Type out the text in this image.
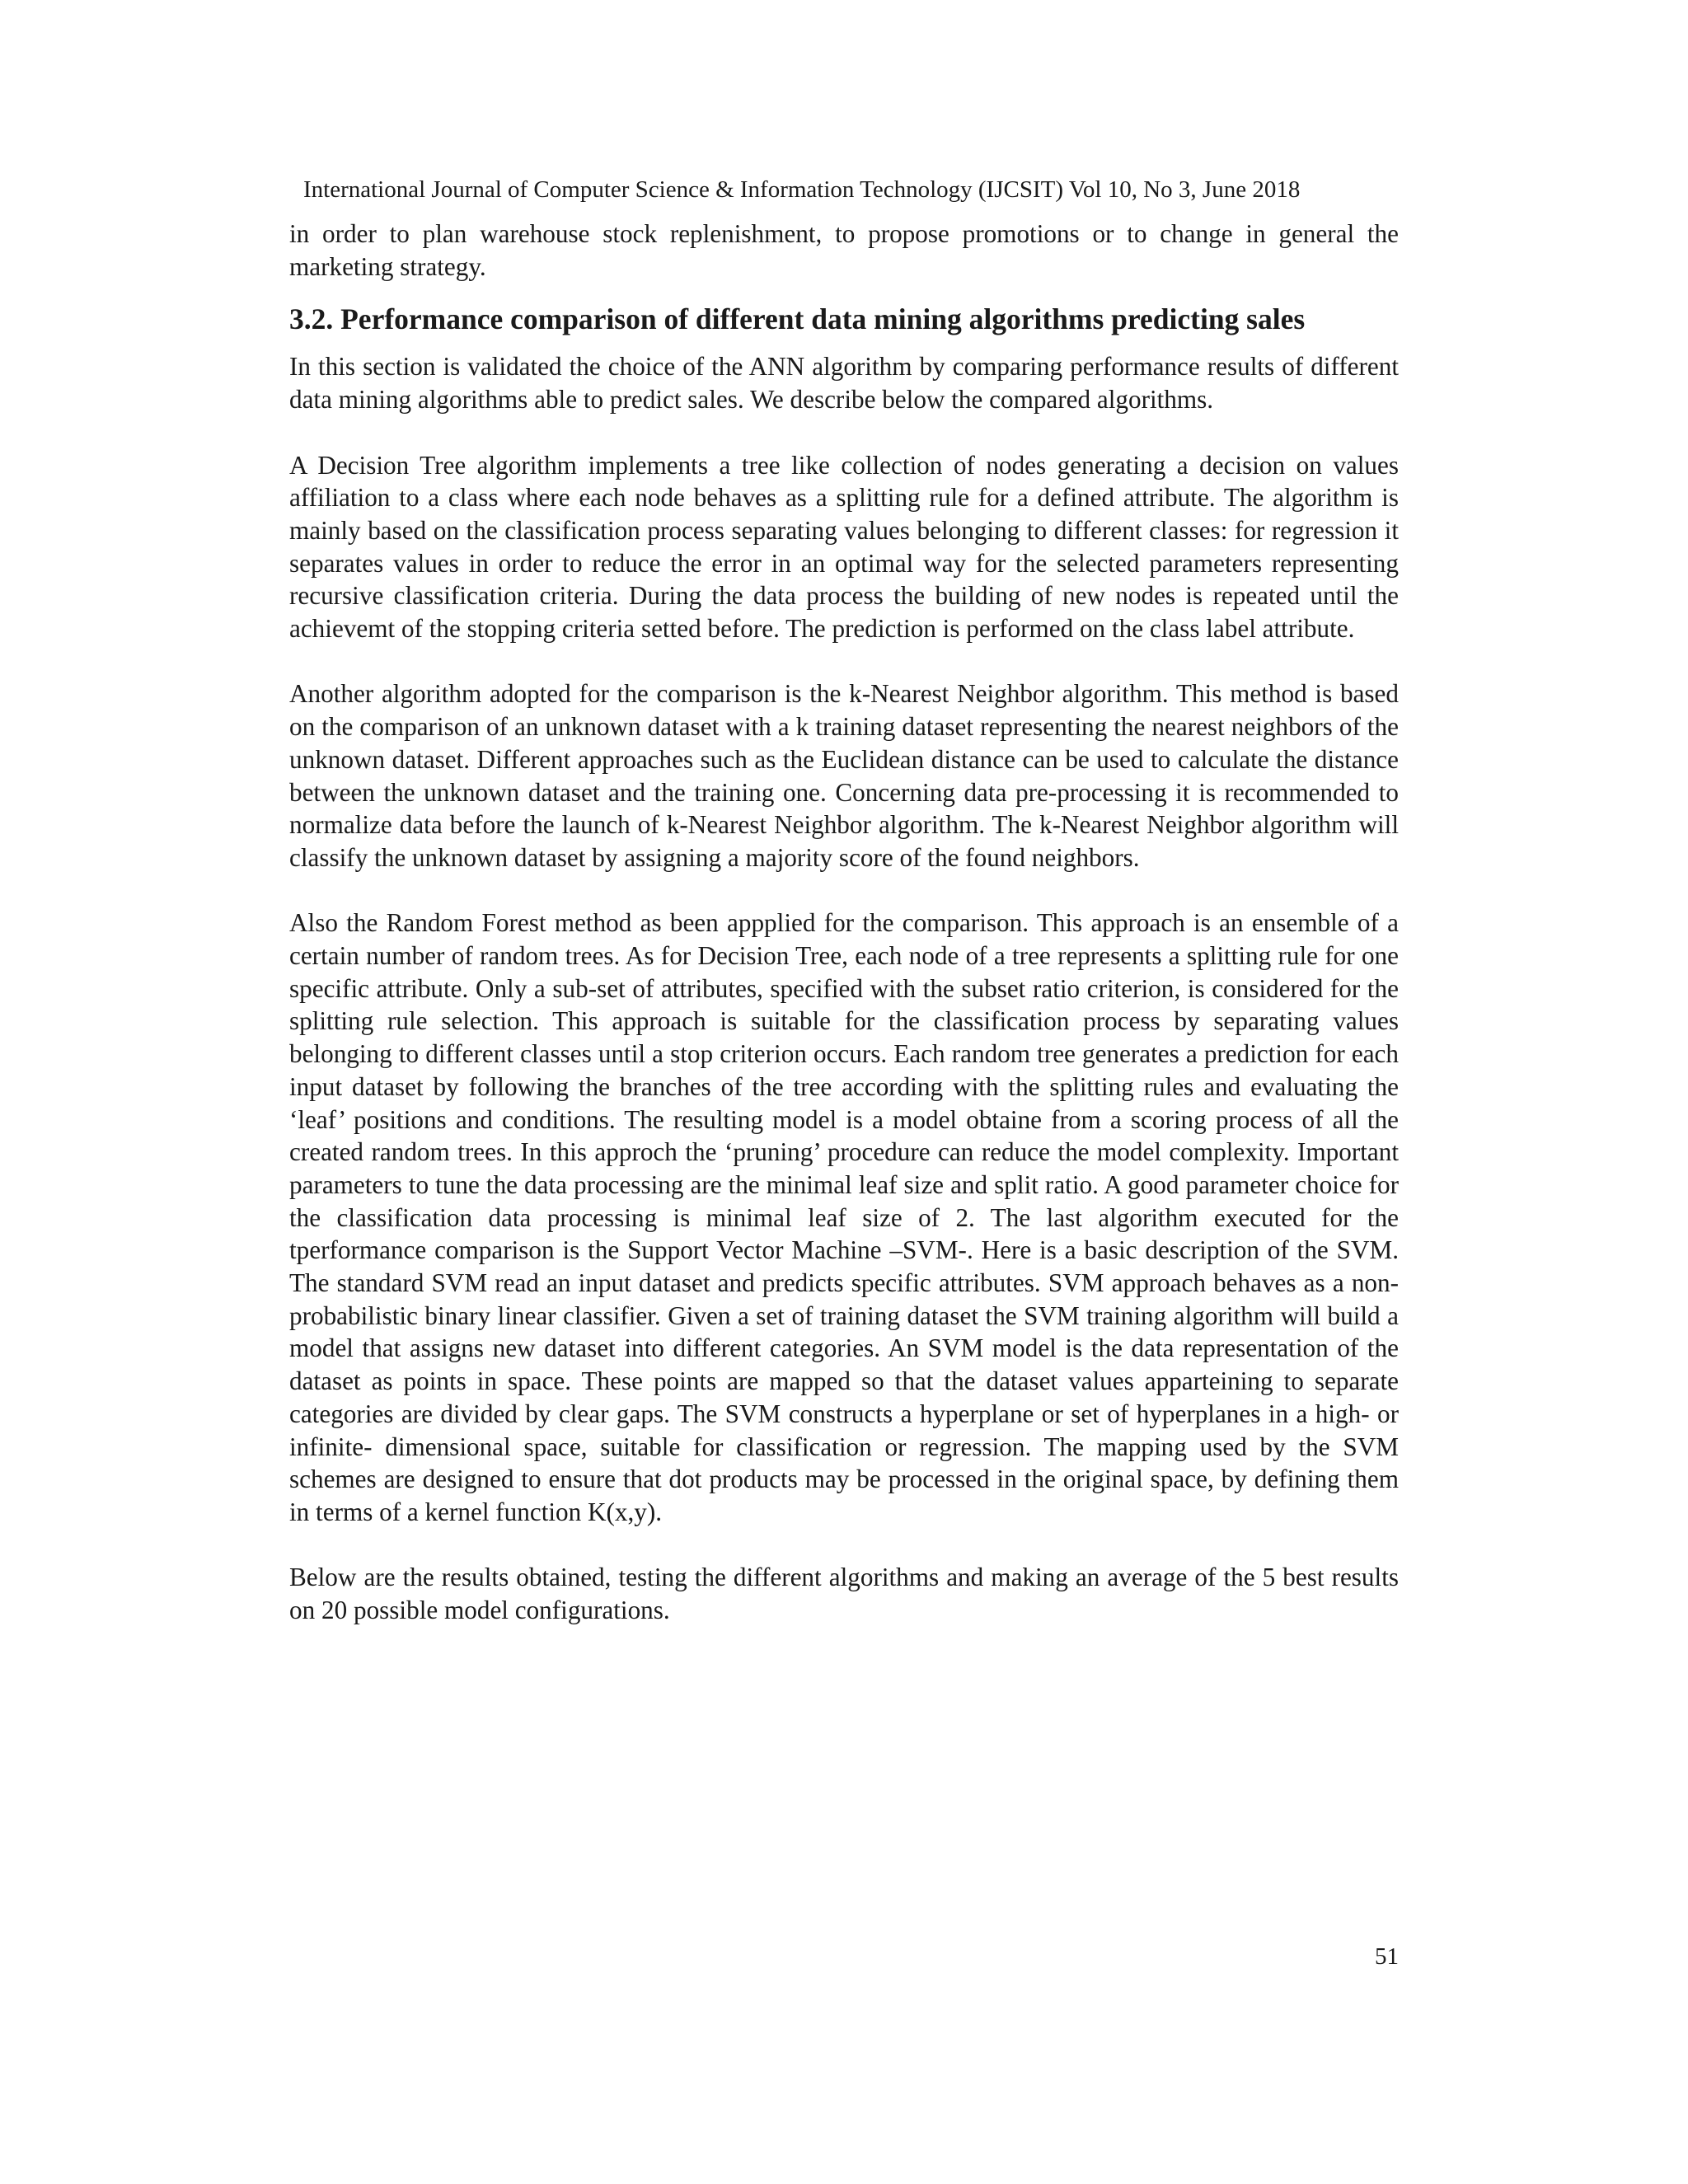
International Journal of Computer Science & Information Technology (IJCSIT) Vol 10, No 3, June 2018

in order to plan warehouse stock replenishment, to propose promotions or to change in general the marketing strategy.

3.2. Performance comparison of different data mining algorithms predicting sales

In this section is validated the choice of the ANN algorithm by comparing performance results of different data mining algorithms able to predict sales. We describe below the compared algorithms.

A Decision Tree algorithm implements a tree like collection of nodes generating a decision on values affiliation to a class where each node behaves as a splitting rule for a defined attribute. The algorithm is mainly based on the classification process separating values belonging to different classes: for regression it separates values in order to reduce the error in an optimal way for the selected parameters representing recursive classification criteria. During the data process the building of new nodes is repeated until the achievemt of the stopping criteria setted before. The prediction is performed on the class label attribute.

Another algorithm adopted for the comparison is the k-Nearest Neighbor algorithm. This method is based on the comparison of an unknown dataset with a k training dataset representing the nearest neighbors of the unknown dataset. Different approaches such as the Euclidean distance can be used to calculate the distance between the unknown dataset and the training one. Concerning data pre-processing it is recommended to normalize data before the launch of k-Nearest Neighbor algorithm. The k-Nearest Neighbor algorithm will classify the unknown dataset by assigning a majority score of the found neighbors.

Also the Random Forest method as been appplied for the comparison. This approach is an ensemble of a certain number of random trees. As for Decision Tree, each node of a tree represents a splitting rule for one specific attribute. Only a sub-set of attributes, specified with the subset ratio criterion, is considered for the splitting rule selection. This approach is suitable for the classification process by separating values belonging to different classes until a stop criterion occurs. Each random tree generates a prediction for each input dataset by following the branches of the tree according with the splitting rules and evaluating the ‘leaf’ positions and conditions. The resulting model is a model obtaine from a scoring process of all the created random trees. In this approch the ‘pruning’ procedure can reduce the model complexity. Important parameters to tune the data processing are the minimal leaf size and split ratio. A good parameter choice for the classification data processing is minimal leaf size of 2. The last algorithm executed for the tperformance comparison is the Support Vector Machine –SVM-. Here is a basic description of the SVM. The standard SVM read an input dataset and predicts specific attributes. SVM approach behaves as a non-probabilistic binary linear classifier. Given a set of training dataset the SVM training algorithm will build a model that assigns new dataset into different categories. An SVM model is the data representation of the dataset as points in space. These points are mapped so that the dataset values apparteining to separate categories are divided by clear gaps. The SVM constructs a hyperplane or set of hyperplanes in a high- or infinite- dimensional space, suitable for classification or regression. The mapping used by the SVM schemes are designed to ensure that dot products may be processed in the original space, by defining them in terms of a kernel function K(x,y).

Below are the results obtained, testing the different algorithms and making an average of the 5 best results on 20 possible model configurations.

51
